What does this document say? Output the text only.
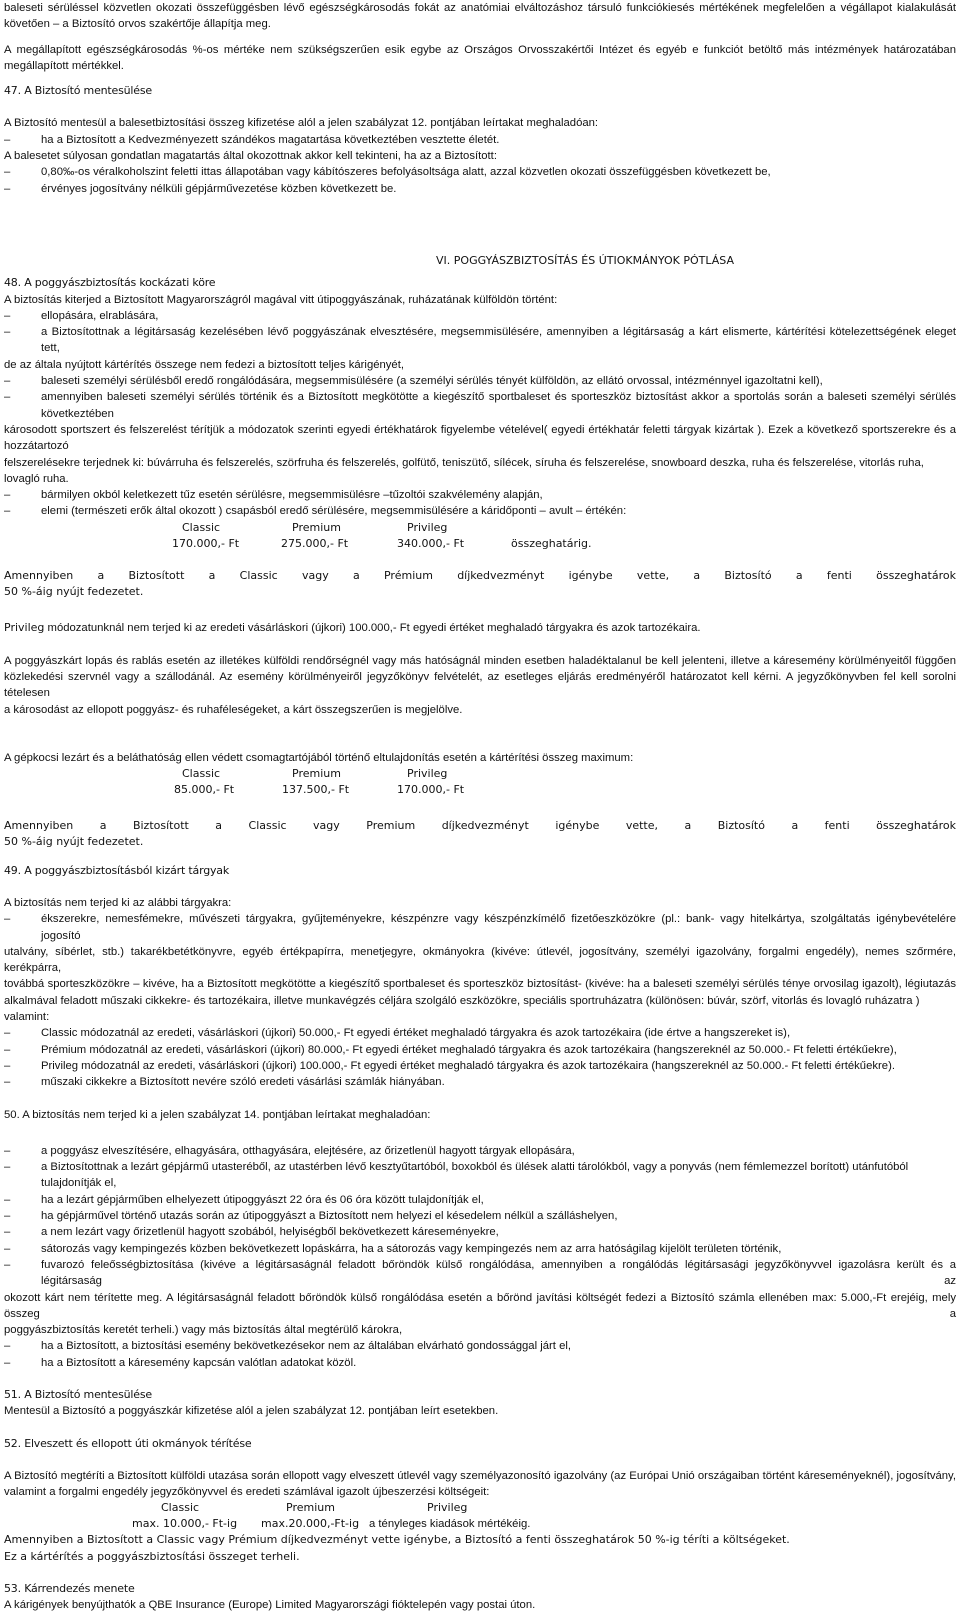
baleseti sérüléssel közvetlen okozati összefüggésben lévő egészségkárosodás fokát az anatómiai elváltozáshoz társuló funkciókiesés mértékének megfelelően a végállapot kialakulását

követően – a Biztosító orvos szakértője állapítja meg.

A megállapított egészségkárosodás %-os mértéke nem szükségszerűen esik egybe az Országos Orvosszakértői Intézet és egyéb e funkciót betöltő más intézmények határozatában

megállapított mértékkel.

47. A Biztosító mentesülése

A Biztosító mentesül a balesetbiztosítási összeg kifizetése alól a jelen szabályzat 12. pontjában leírtakat meghaladóan:

– ha a Biztosított a Kedvezményezett szándékos magatartása következtében vesztette életét.

A balesetet súlyosan gondatlan magatartás által okozottnak akkor kell tekinteni, ha az a Biztosított:

– 0,80‰-os véralkoholszint feletti ittas állapotában vagy kábítószeres befolyásoltsága alatt, azzal közvetlen okozati összefüggésben következett be,

– érvényes jogosítvány nélküli gépjárművezetése közben következett be.

VI. POGGYÁSZBIZTOSÍTÁS ÉS ÚTIOKMÁNYOK PÓTLÁSA

48. A poggyászbiztosítás kockázati köre

A biztosítás kiterjed a Biztosított Magyarországról magával vitt útipoggyászának, ruházatának külföldön történt:

– ellopására, elrablására,

– a Biztosítottnak a légitársaság kezelésében lévő poggyászának elvesztésére, megsemmisülésére, amennyiben a légitársaság a kárt elismerte, kártérítési kötelezettségének eleget tett,

de az általa nyújtott kártérítés összege nem fedezi a biztosított teljes kárigényét,

– baleseti személyi sérülésből eredő rongálódására, megsemmisülésére (a személyi sérülés tényét külföldön, az ellátó orvossal, intézménnyel igazoltatni kell),

– amennyiben baleseti személyi sérülés történik és a Biztosított megkötötte a kiegészítő sportbaleset és sporteszköz biztosítást akkor a sportolás során a baleseti személyi sérülés következtében

károsodott sportszert és felszerelést térítjük a módozatok szerinti egyedi értékhatárok figyelembe vételével( egyedi értékhatár feletti tárgyak kizártak ). Ezek a következő sportszerekre és a hozzátartozó

felszerelésekre terjednek ki: búvárruha és felszerelés, szörfruha és felszerelés, golfütő, teniszütő, sílécek, síruha és felszerelése, snowboard deszka, ruha és felszerelése, vitorlás ruha, lovagló ruha.

– bármilyen okból keletkezett tűz esetén sérülésre, megsemmisülésre –tűzoltói szakvélemény alapján,

– elemi (természeti erők által okozott ) csapásból eredő sérülésére, megsemmisülésére a káridőponti – avult – értékén:

Classic	Premium	Privileg
170.000,- Ft	275.000,- Ft	340.000,- Ft	összeghatárig.

Amennyiben a Biztosított a Classic vagy a Prémium díjkedvezményt igénybe vette, a Biztosító a fenti összeghatárok

50 %-áig nyújt fedezetet.

Privileg módozatunknál nem terjed ki az eredeti vásárláskori (újkori) 100.000,- Ft egyedi értéket meghaladó tárgyakra és azok tartozékaira.

A poggyászkárt lopás és rablás esetén az illetékes külföldi rendőrségnél vagy más hatóságnál minden esetben haladéktalanul be kell jelenteni, illetve a káresemény körülményeitől függően

közlekedési szervnél vagy a szállodánál. Az esemény körülményeiről jegyzőkönyv felvételét, az esetleges eljárás eredményéről határozatot kell kérni. A jegyzőkönyvben fel kell sorolni tételesen

a károsodást az ellopott poggyász- és ruhaféleségeket, a kárt összegszerűen is megjelölve.

A gépkocsi lezárt és a beláthatóság ellen védett csomagtartójából történő eltulajdonítás esetén a kártérítési összeg maximum:

Classic	Premium	Privileg
85.000,- Ft	137.500,- Ft	170.000,- Ft

Amennyiben a Biztosított a Classic vagy Premium díjkedvezményt igénybe vette, a Biztosító a fenti összeghatárok

50 %-áig nyújt fedezetet.

49. A poggyászbiztosításból kizárt tárgyak

A biztosítás nem terjed ki az alábbi tárgyakra:

– ékszerekre, nemesfémekre, művészeti tárgyakra, gyűjteményekre, készpénzre vagy készpénzkímélő fizetőeszközökre (pl.: bank- vagy hitelkártya, szolgáltatás igénybevételére jogosító

utalvány, síbérlet, stb.) takarékbetétkönyvre, egyéb értékpapírra, menetjegyre, okmányokra (kivéve: útlevél, jogosítvány, személyi igazolvány, forgalmi engedély), nemes szőrmére, kerékpárra,

továbbá sporteszközökre – kivéve, ha a Biztosított megkötötte a kiegészítő sportbaleset és sporteszköz biztosítást- (kivéve: ha a baleseti személyi sérülés ténye orvosilag igazolt), légiutazás

alkalmával feladott műszaki cikkekre- és tartozékaira, illetve munkavégzés céljára szolgáló eszközökre, speciális sportruházatra (különösen: búvár, szörf, vitorlás és lovagló ruházatra ) valamint:

– Classic módozatnál az eredeti, vásárláskori (újkori) 50.000,- Ft egyedi értéket meghaladó tárgyakra és azok tartozékaira (ide értve a hangszereket is),

– Prémium módozatnál az eredeti, vásárláskori (újkori) 80.000,- Ft egyedi értéket meghaladó tárgyakra és azok tartozékaira (hangszereknél az 50.000.- Ft feletti értékűekre),

– Privileg módozatnál az eredeti, vásárláskori (újkori) 100.000,- Ft egyedi értéket meghaladó tárgyakra és azok tartozékaira (hangszereknél az 50.000.- Ft feletti értékűekre).

– műszaki cikkekre a Biztosított nevére szóló eredeti vásárlási számlák hiányában.

50. A biztosítás nem terjed ki a jelen szabályzat 14. pontjában leírtakat meghaladóan:

– a poggyász elveszítésére, elhagyására, otthagyására, elejtésére, az őrizetlenül hagyott tárgyak ellopására,

– a Biztosítottnak a lezárt gépjármű utasteréből, az utastérben lévő kesztyűtartóból, boxokból és ülések alatti tárolókból, vagy a ponyvás (nem fémlemezzel borított) utánfutóból tulajdonítják el,

– ha a lezárt gépjárműben elhelyezett útipoggyászt 22 óra és 06 óra között tulajdonítják el,

– ha gépjárművel történő utazás során az útipoggyászt a Biztosított nem helyezi el késedelem nélkül a szálláshelyen,

– a nem lezárt vagy őrizetlenül hagyott szobából, helyiségből bekövetkezett káreseményekre,

– sátorozás vagy kempingezés közben bekövetkezett lopáskárra, ha a sátorozás vagy kempingezés nem az arra hatóságilag kijelölt területen történik,

– fuvarozó feleősségbiztosítása (kivéve a légitársaságnál feladott bőröndök külső rongálódása, amennyiben a rongálódás légitársasági jegyzőkönyvvel igazolásra került és a légitársaság az

okozott kárt nem térítette meg. A légitársaságnál feladott bőröndök külső rongálódása esetén a bőrönd javítási költségét fedezi a Biztosító számla ellenében max: 5.000,-Ft erejéig, mely összeg a

poggyászbiztosítás keretét terheli.) vagy más biztosítás által megtérülő károkra,

– ha a Biztosított, a biztosítási esemény bekövetkezésekor nem az általában elvárható gondossággal járt el,

– ha a Biztosított a káresemény kapcsán valótlan adatokat közöl.

51. A Biztosító mentesülése

Mentesül a Biztosító a poggyászkár kifizetése alól a jelen szabályzat 12. pontjában leírt esetekben.

52. Elveszett és ellopott úti okmányok térítése

A Biztosító megtéríti a Biztosított külföldi utazása során ellopott vagy elveszett útlevél vagy személyazonosító igazolvány (az Európai Unió országaiban történt káreseményeknél), jogosítvány,

valamint a forgalmi engedély jegyzőkönyvvel és eredeti számlával igazolt újbeszerzési költségeit:

Classic	Premium	Privileg
max. 10.000,- Ft-ig max.20.000,-Ft-ig a tényleges kiadások mértékéig.

Amennyiben a Biztosított a Classic vagy Prémium díjkedvezményt vette igénybe, a Biztosító a fenti összeghatárok 50 %-ig téríti a költségeket.

Ez a kártérítés a poggyászbiztosítási összeget terheli.

53. Kárrendezés menete

A kárigények benyújthatók a QBE Insurance (Europe) Limited Magyarországi fióktelepén vagy postai úton.
